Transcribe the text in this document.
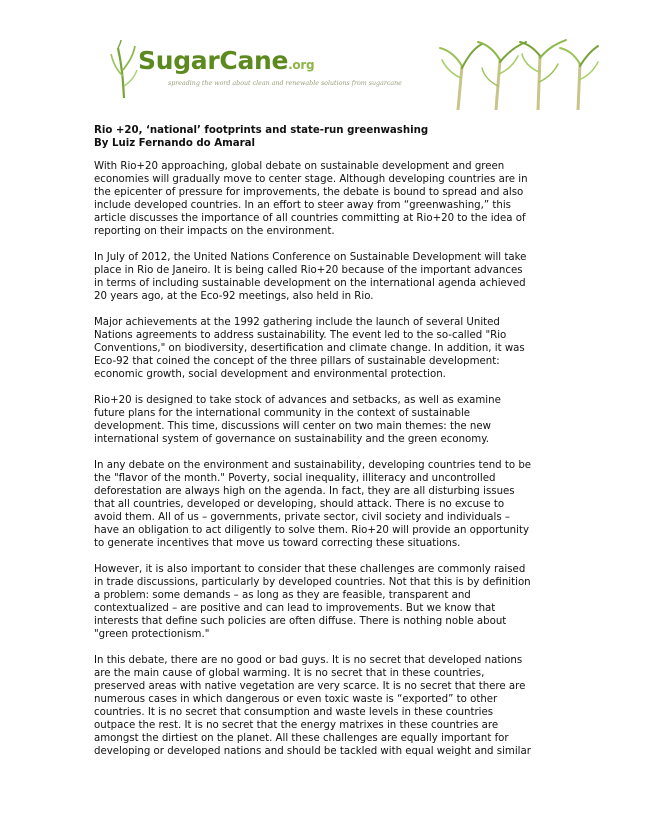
SugarCane.org
spreading the word about clean and renewable solutions from sugarcane

Rio +20, ‘national’ footprints and state-run greenwashing

By Luiz Fernando do Amaral

With Rio+20 approaching, global debate on sustainable development and green
economies will gradually move to center stage. Although developing countries are in
the epicenter of pressure for improvements, the debate is bound to spread and also
include developed countries. In an effort to steer away from “greenwashing,” this
article discusses the importance of all countries committing at Rio+20 to the idea of
reporting on their impacts on the environment.
In July of 2012, the United Nations Conference on Sustainable Development will take
place in Rio de Janeiro. It is being called Rio+20 because of the important advances
in terms of including sustainable development on the international agenda achieved
20 years ago, at the Eco-92 meetings, also held in Rio.
Major achievements at the 1992 gathering include the launch of several United
Nations agreements to address sustainability. The event led to the so-called "Rio
Conventions," on biodiversity, desertification and climate change. In addition, it was
Eco-92 that coined the concept of the three pillars of sustainable development:
economic growth, social development and environmental protection.
Rio+20 is designed to take stock of advances and setbacks, as well as examine
future plans for the international community in the context of sustainable
development. This time, discussions will center on two main themes: the new
international system of governance on sustainability and the green economy.
In any debate on the environment and sustainability, developing countries tend to be
the "flavor of the month." Poverty, social inequality, illiteracy and uncontrolled
deforestation are always high on the agenda. In fact, they are all disturbing issues
that all countries, developed or developing, should attack. There is no excuse to
avoid them. All of us – governments, private sector, civil society and individuals –
have an obligation to act diligently to solve them. Rio+20 will provide an opportunity
to generate incentives that move us toward correcting these situations.
However, it is also important to consider that these challenges are commonly raised
in trade discussions, particularly by developed countries. Not that this is by definition
a problem: some demands – as long as they are feasible, transparent and
contextualized – are positive and can lead to improvements. But we know that
interests that define such policies are often diffuse. There is nothing noble about
"green protectionism."
In this debate, there are no good or bad guys. It is no secret that developed nations
are the main cause of global warming. It is no secret that in these countries,
preserved areas with native vegetation are very scarce. It is no secret that there are
numerous cases in which dangerous or even toxic waste is “exported” to other
countries. It is no secret that consumption and waste levels in these countries
outpace the rest. It is no secret that the energy matrixes in these countries are
amongst the dirtiest on the planet. All these challenges are equally important for
developing or developed nations and should be tackled with equal weight and similar
